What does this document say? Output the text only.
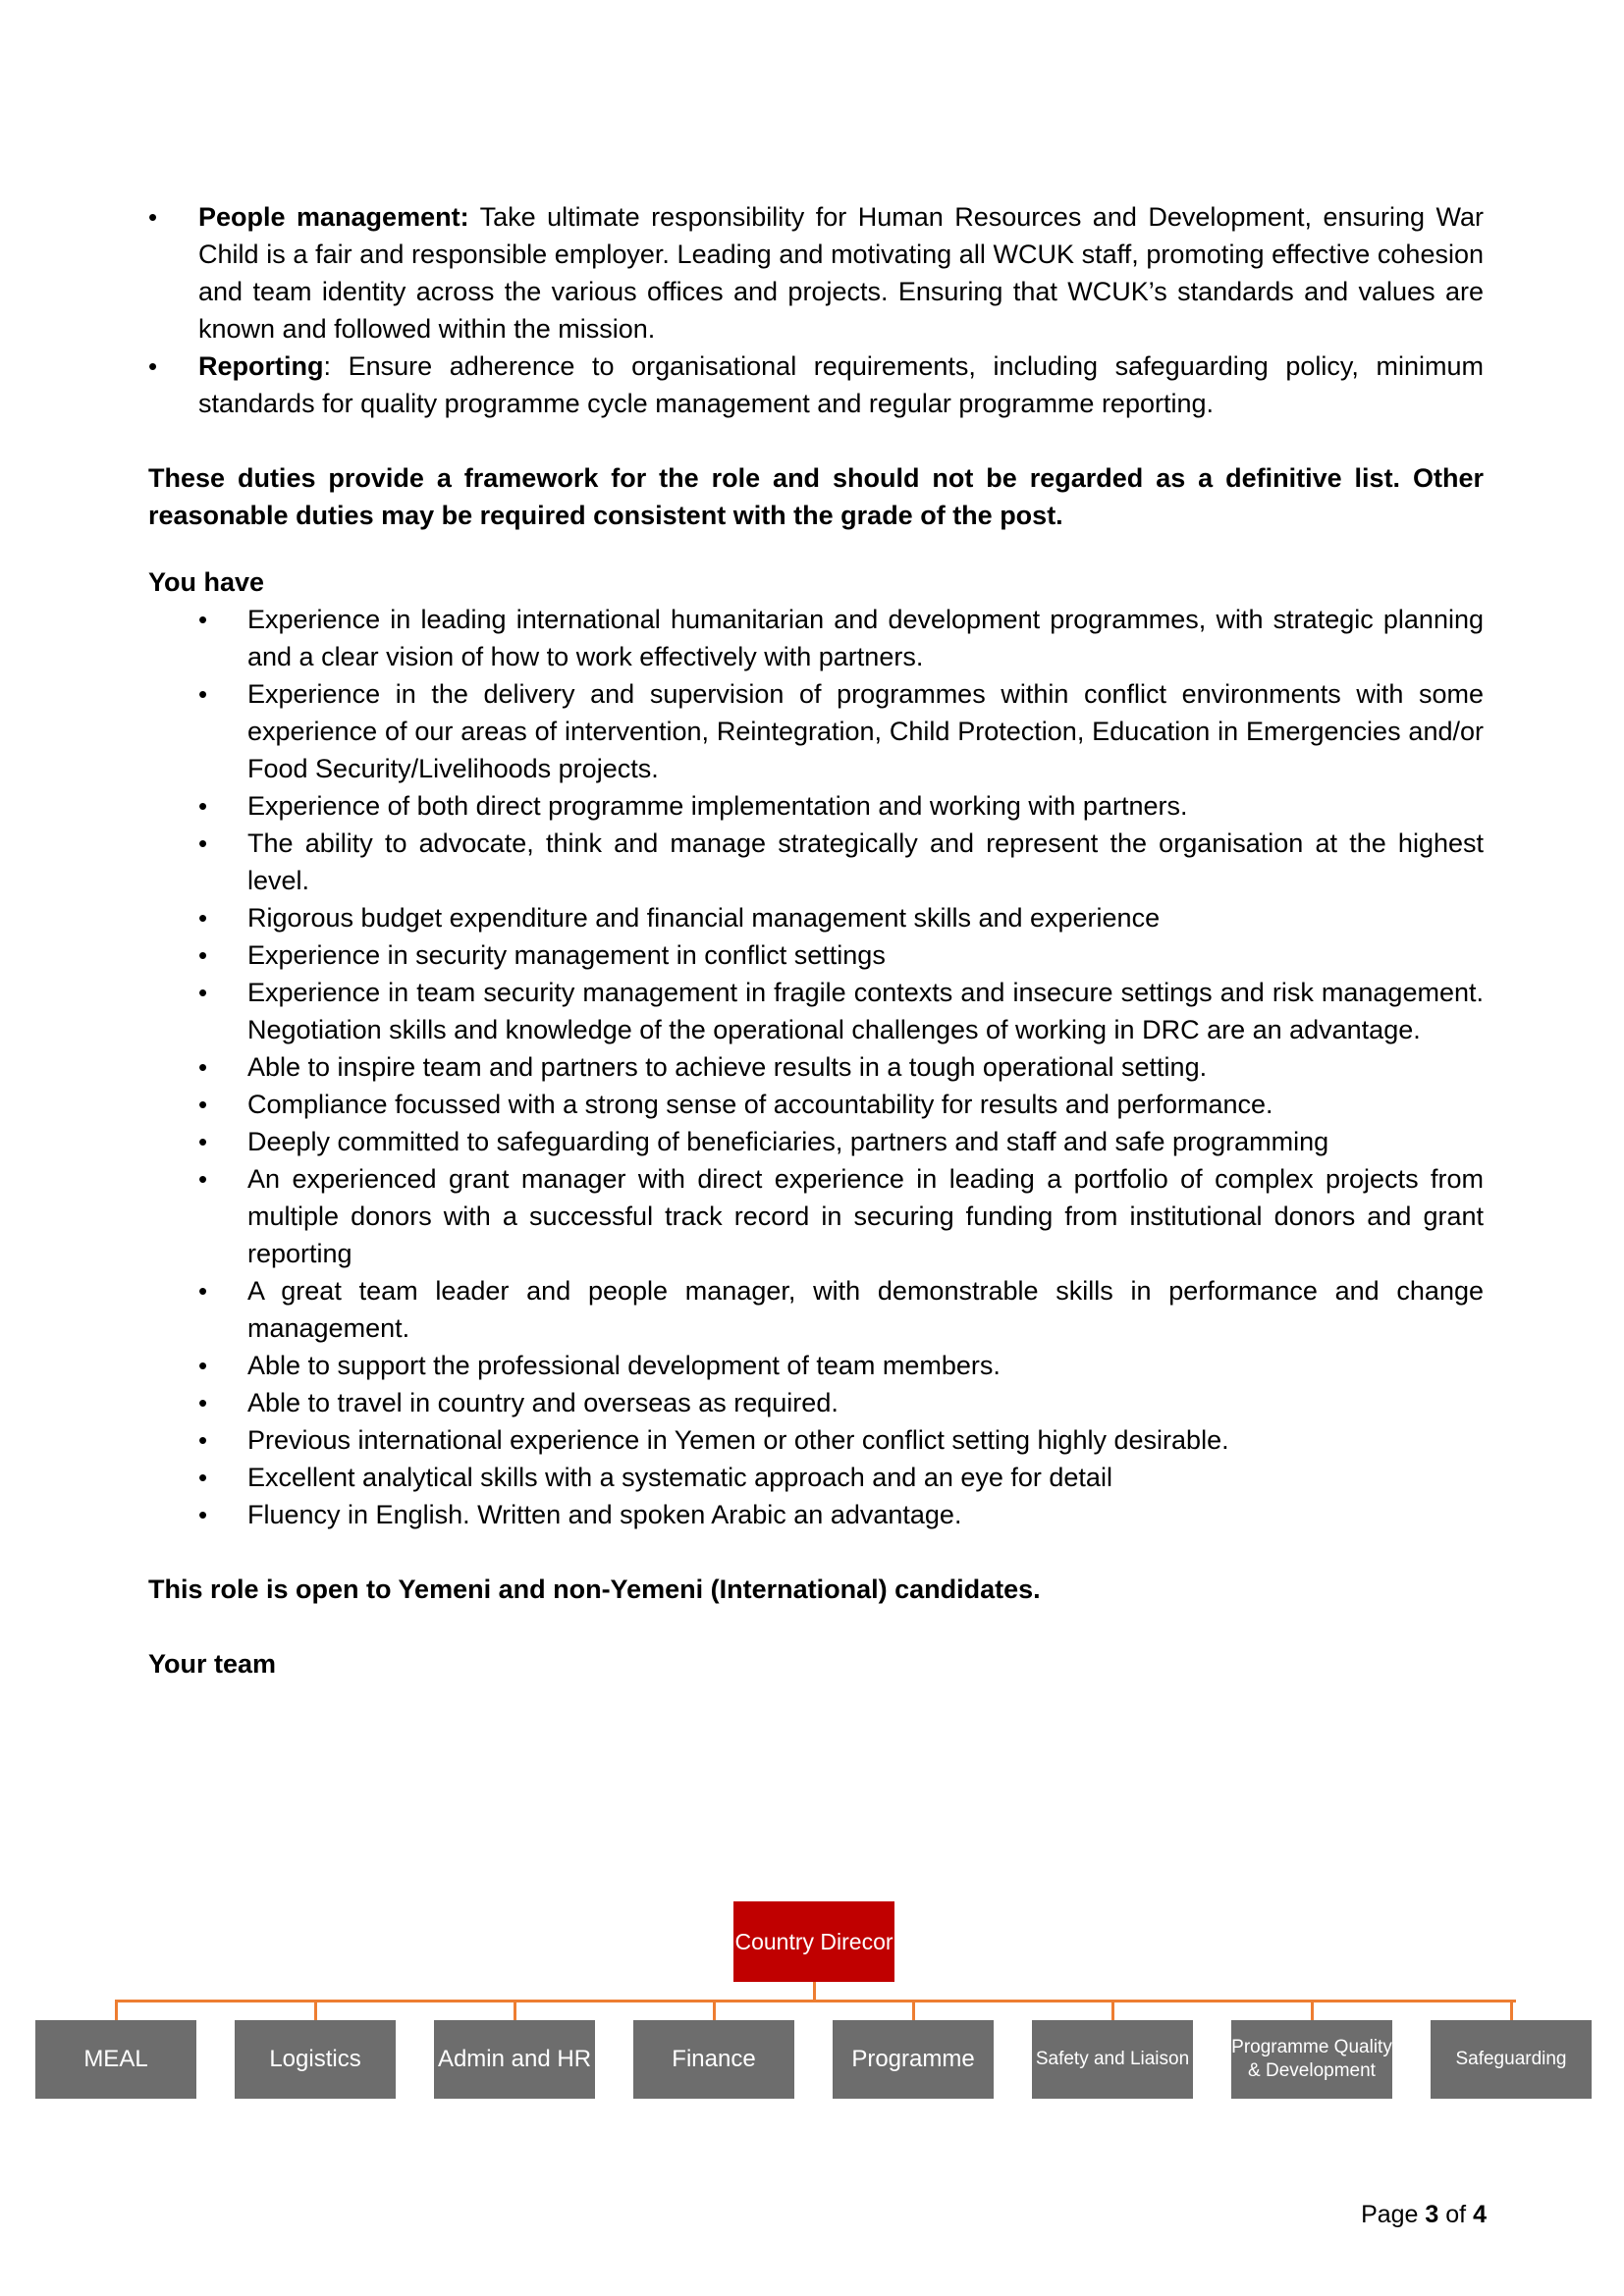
• People management: Take ultimate responsibility for Human Resources and Development, ensuring War Child is a fair and responsible employer. Leading and motivating all WCUK staff, promoting effective cohesion and team identity across the various offices and projects. Ensuring that WCUK’s standards and values are known and followed within the mission.
• Reporting: Ensure adherence to organisational requirements, including safeguarding policy, minimum standards for quality programme cycle management and regular programme reporting.

These duties provide a framework for the role and should not be regarded as a definitive list. Other reasonable duties may be required consistent with the grade of the post.

You have

• Experience in leading international humanitarian and development programmes, with strategic planning and a clear vision of how to work effectively with partners.
• Experience in the delivery and supervision of programmes within conflict environments with some experience of our areas of intervention, Reintegration, Child Protection, Education in Emergencies and/or Food Security/Livelihoods projects.
• Experience of both direct programme implementation and working with partners.
• The ability to advocate, think and manage strategically and represent the organisation at the highest level.
• Rigorous budget expenditure and financial management skills and experience
• Experience in security management in conflict settings
• Experience in team security management in fragile contexts and insecure settings and risk management. Negotiation skills and knowledge of the operational challenges of working in DRC are an advantage.
• Able to inspire team and partners to achieve results in a tough operational setting.
• Compliance focussed with a strong sense of accountability for results and performance.
• Deeply committed to safeguarding of beneficiaries, partners and staff and safe programming
• An experienced grant manager with direct experience in leading a portfolio of complex projects from multiple donors with a successful track record in securing funding from institutional donors and grant reporting
• A great team leader and people manager, with demonstrable skills in performance and change management.
• Able to support the professional development of team members.
• Able to travel in country and overseas as required.
• Previous international experience in Yemen or other conflict setting highly desirable.
• Excellent analytical skills with a systematic approach and an eye for detail
• Fluency in English. Written and spoken Arabic an advantage.

This role is open to Yemeni and non-Yemeni (International) candidates.

Your team

Country Direcor
MEAL	Logistics	Admin and HR	Finance	Programme	Safety and Liaison
Programme Quality & Development
Safeguarding
Page 3 of 4
